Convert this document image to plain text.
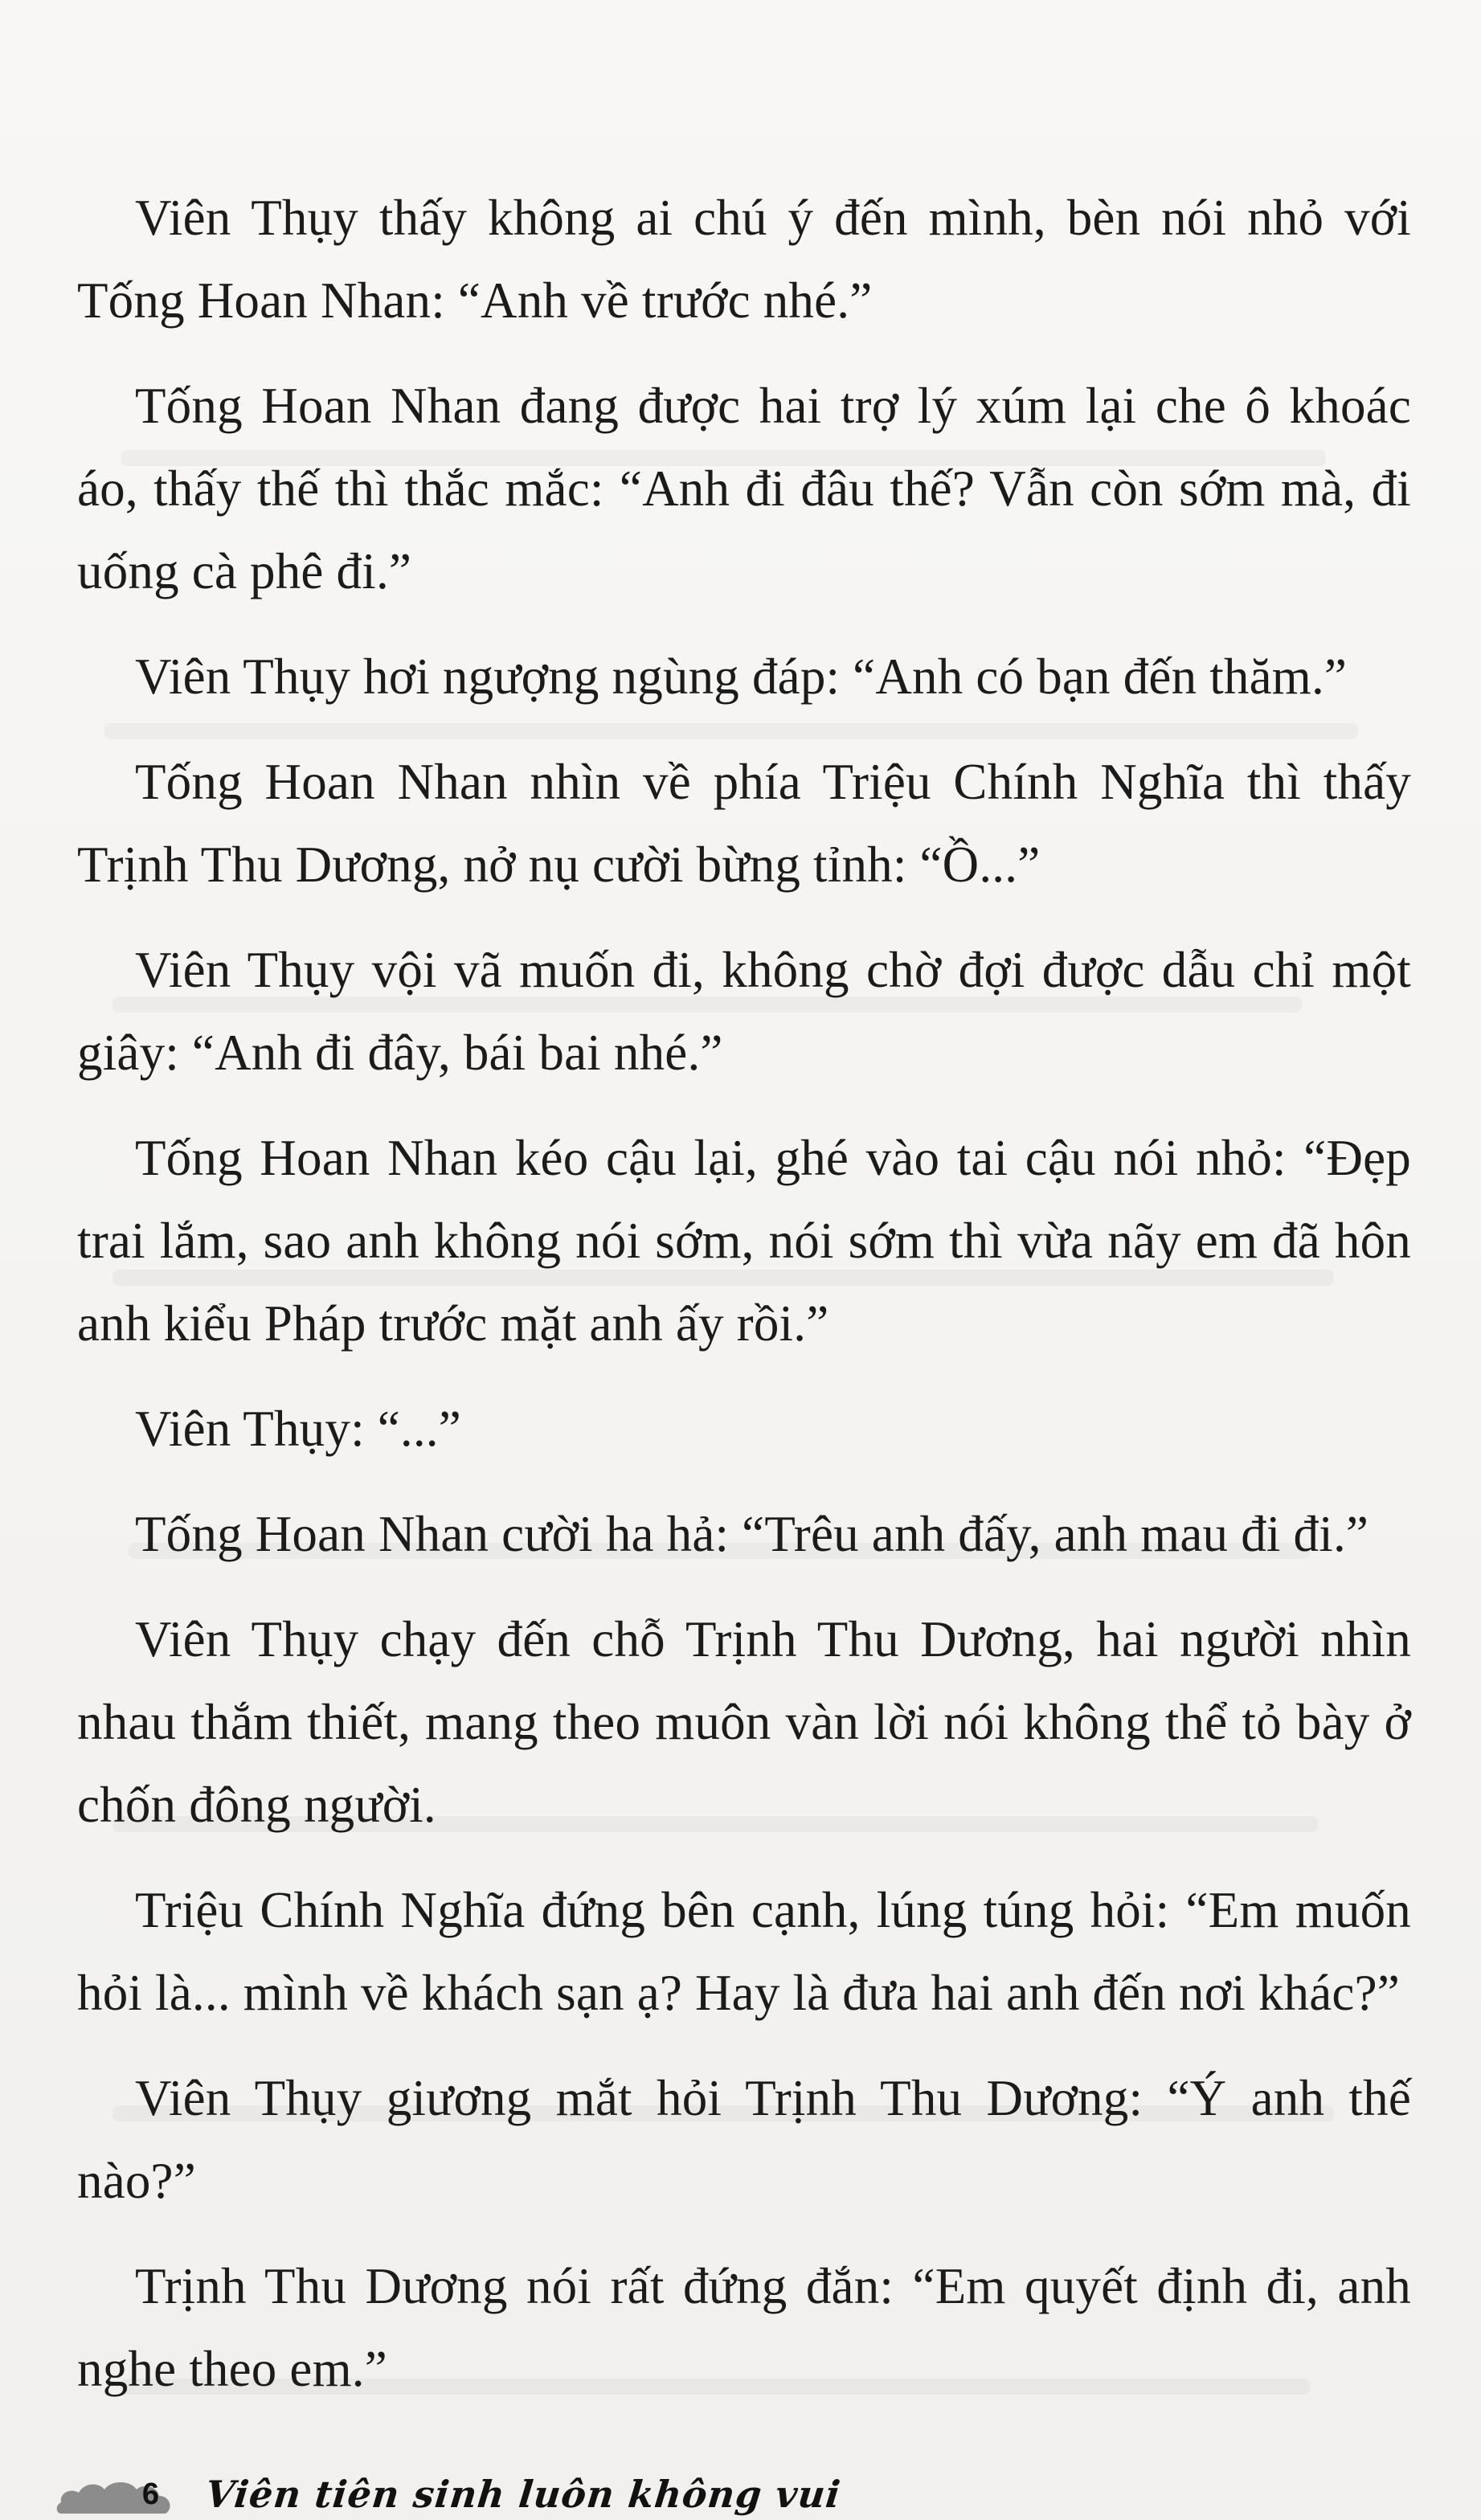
Viên Thụy thấy không ai chú ý đến mình, bèn nói nhỏ với Tống Hoan Nhan: “Anh về trước nhé.”

Tống Hoan Nhan đang được hai trợ lý xúm lại che ô khoác áo, thấy thế thì thắc mắc: “Anh đi đâu thế? Vẫn còn sớm mà, đi uống cà phê đi.”

Viên Thụy hơi ngượng ngùng đáp: “Anh có bạn đến thăm.”

Tống Hoan Nhan nhìn về phía Triệu Chính Nghĩa thì thấy Trịnh Thu Dương, nở nụ cười bừng tỉnh: “Ồ...”

Viên Thụy vội vã muốn đi, không chờ đợi được dẫu chỉ một giây: “Anh đi đây, bái bai nhé.”

Tống Hoan Nhan kéo cậu lại, ghé vào tai cậu nói nhỏ: “Đẹp trai lắm, sao anh không nói sớm, nói sớm thì vừa nãy em đã hôn anh kiểu Pháp trước mặt anh ấy rồi.”

Viên Thụy: “...”

Tống Hoan Nhan cười ha hả: “Trêu anh đấy, anh mau đi đi.”

Viên Thụy chạy đến chỗ Trịnh Thu Dương, hai người nhìn nhau thắm thiết, mang theo muôn vàn lời nói không thể tỏ bày ở chốn đông người.

Triệu Chính Nghĩa đứng bên cạnh, lúng túng hỏi: “Em muốn hỏi là... mình về khách sạn ạ? Hay là đưa hai anh đến nơi khác?”

Viên Thụy giương mắt hỏi Trịnh Thu Dương: “Ý anh thế nào?”

Trịnh Thu Dương nói rất đứng đắn: “Em quyết định đi, anh nghe theo em.”

6	Viên tiên sinh luôn không vui
